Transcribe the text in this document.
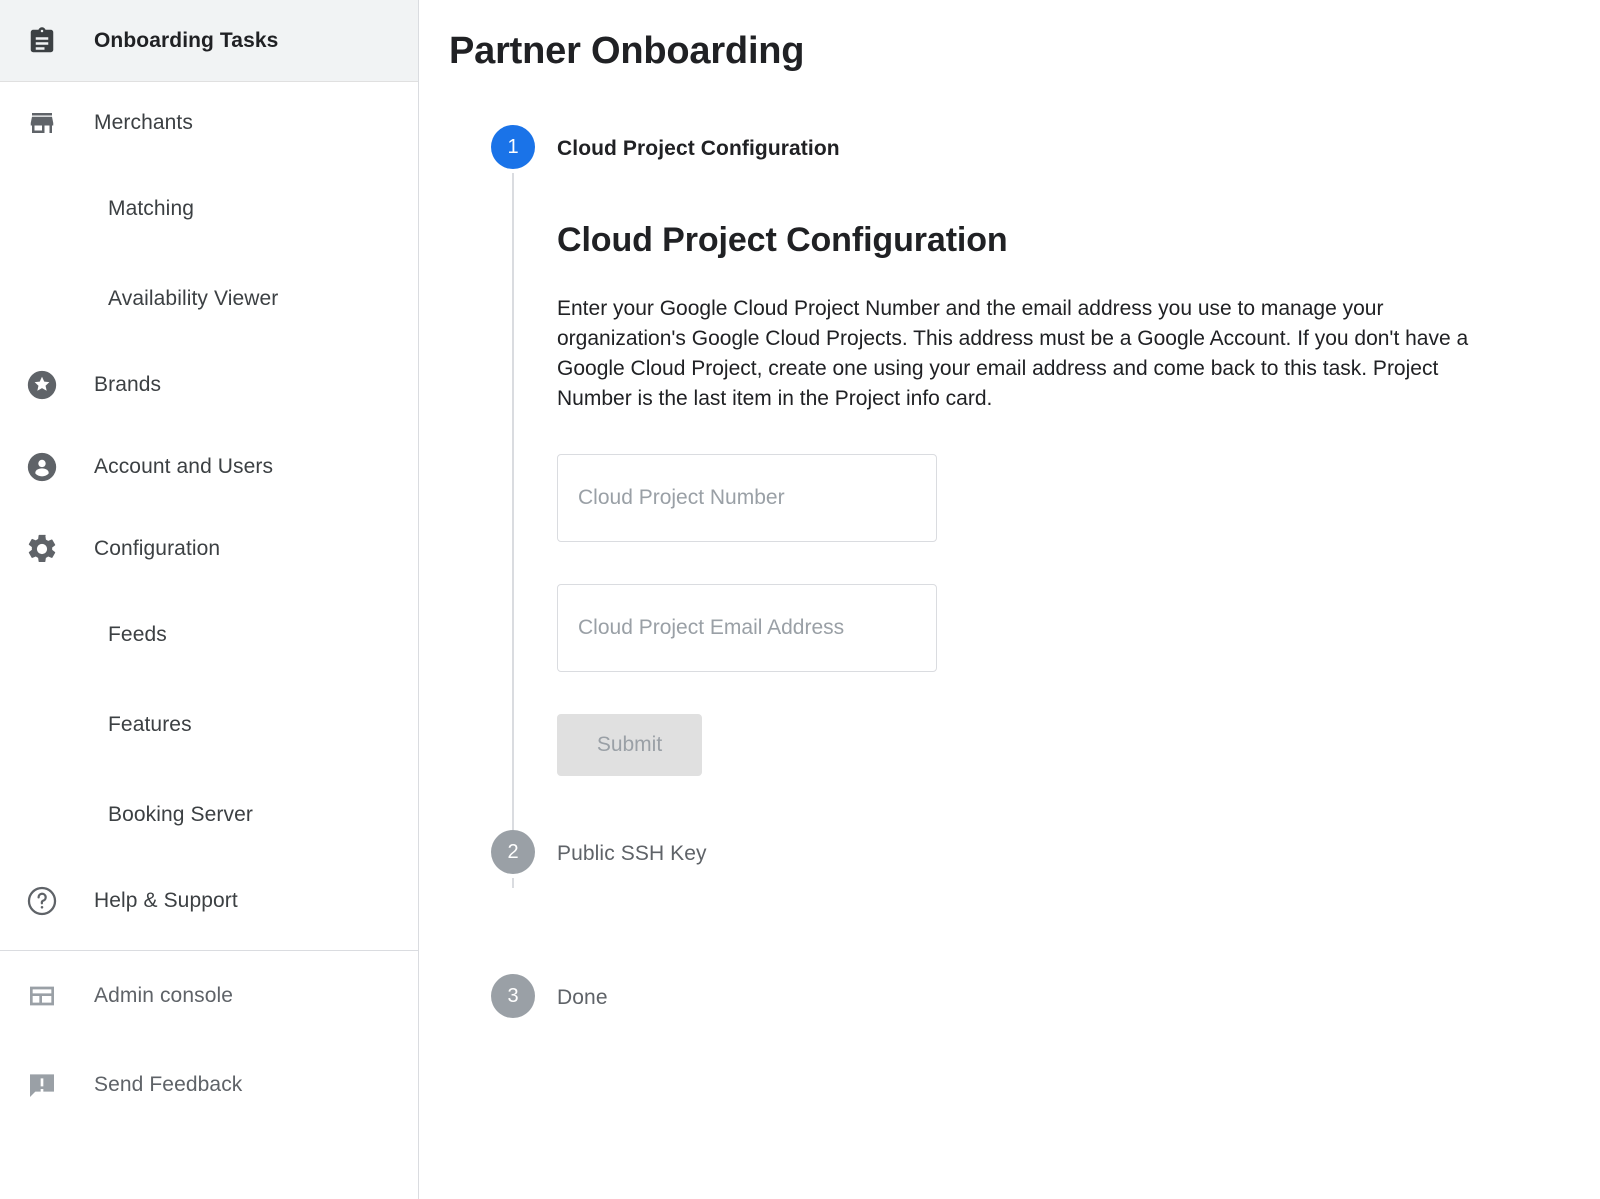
Onboarding Tasks
Merchants
Matching
Availability Viewer
Brands
Account and Users
Configuration
Feeds
Features
Booking Server
Help & Support
Admin console
Send Feedback
Partner Onboarding
1	Cloud Project Configuration
Cloud Project Configuration

Enter your Google Cloud Project Number and the email address you use to manage your organization's Google Cloud Projects. This address must be a Google Account. If you don't have a Google Cloud Project, create one using your email address and come back to this task. Project Number is the last item in the Project info card.

Cloud Project Number
Cloud Project Email Address Submit
2	Public SSH Key
3	Done
